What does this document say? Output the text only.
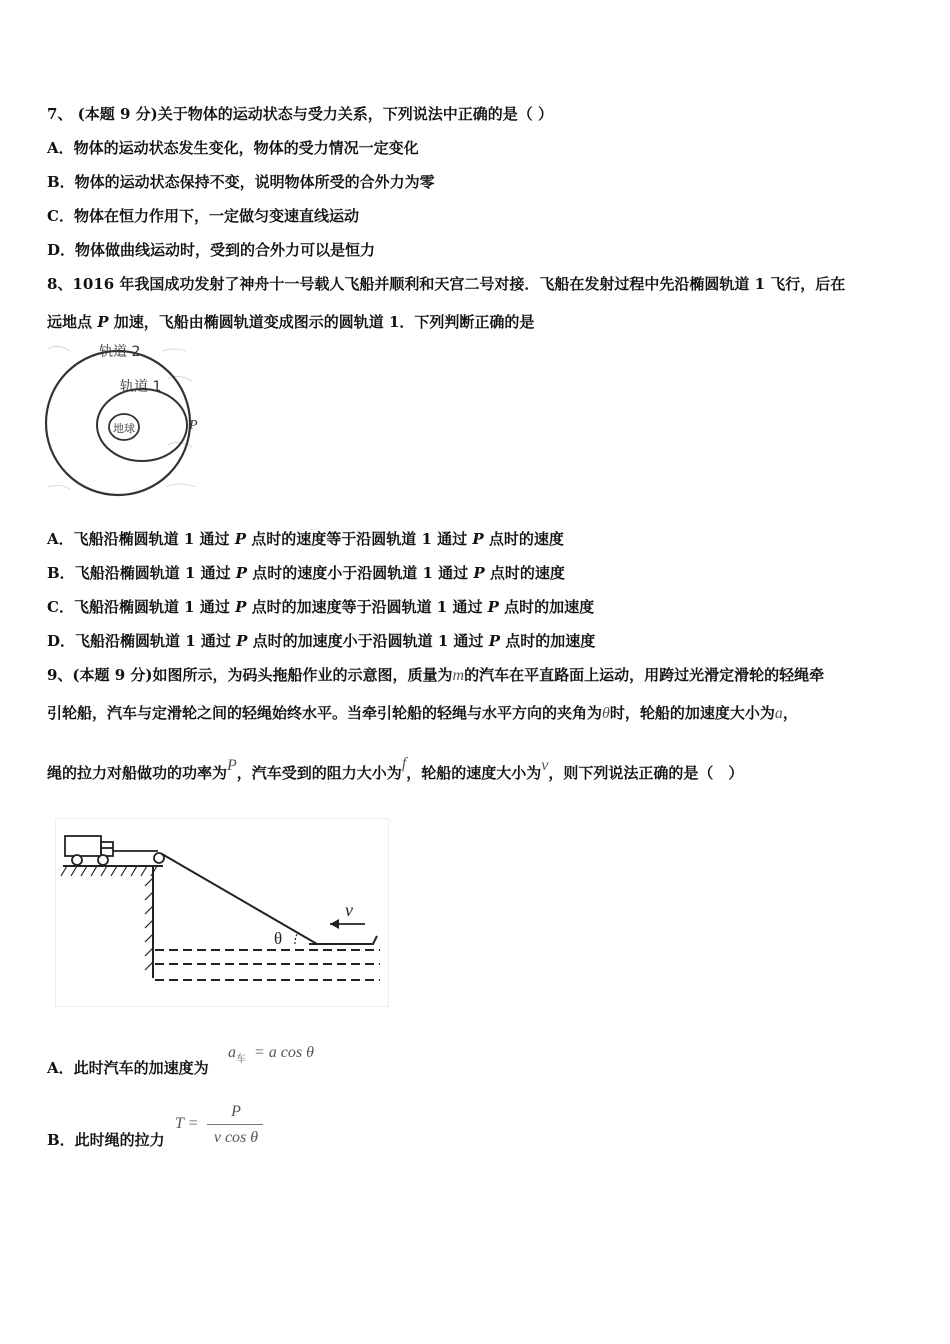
7、 (本题 9 分)关于物体的运动状态与受力关系，下列说法中正确的是（ ）
A．物体的运动状态发生变化，物体的受力情况一定变化
B．物体的运动状态保持不变，说明物体所受的合外力为零
C．物体在恒力作用下，一定做匀变速直线运动
D．物体做曲线运动时，受到的合外力可以是恒力
8、1016 年我国成功发射了神舟十一号载人飞船并顺利和天宫二号对接．飞船在发射过程中先沿椭圆轨道 1 飞行，后在
远地点 P 加速，飞船由椭圆轨道变成图示的圆轨道 1．下列判断正确的是
轨道 2
轨道 1
地球	P
A．飞船沿椭圆轨道 1 通过 P 点时的速度等于沿圆轨道 1 通过 P 点时的速度
B．飞船沿椭圆轨道 1 通过 P 点时的速度小于沿圆轨道 1 通过 P 点时的速度
C．飞船沿椭圆轨道 1 通过 P 点时的加速度等于沿圆轨道 1 通过 P 点时的加速度
D．飞船沿椭圆轨道 1 通过 P 点时的加速度小于沿圆轨道 1 通过 P 点时的加速度
9、(本题 9 分)如图所示，为码头拖船作业的示意图，质量为m的汽车在平直路面上运动，用跨过光滑定滑轮的轻绳牵
引轮船，汽车与定滑轮之间的轻绳始终水平。当牵引轮船的轻绳与水平方向的夹角为θ时，轮船的加速度大小为a，
绳的拉力对船做功的功率为P，汽车受到的阻力大小为f，轮船的速度大小为v，则下列说法正确的是（　）
θ
v
A．此时汽车的加速度为
$a_车 = a$ cos θ
B．此时绳的拉力
T =
P
v cos θ
